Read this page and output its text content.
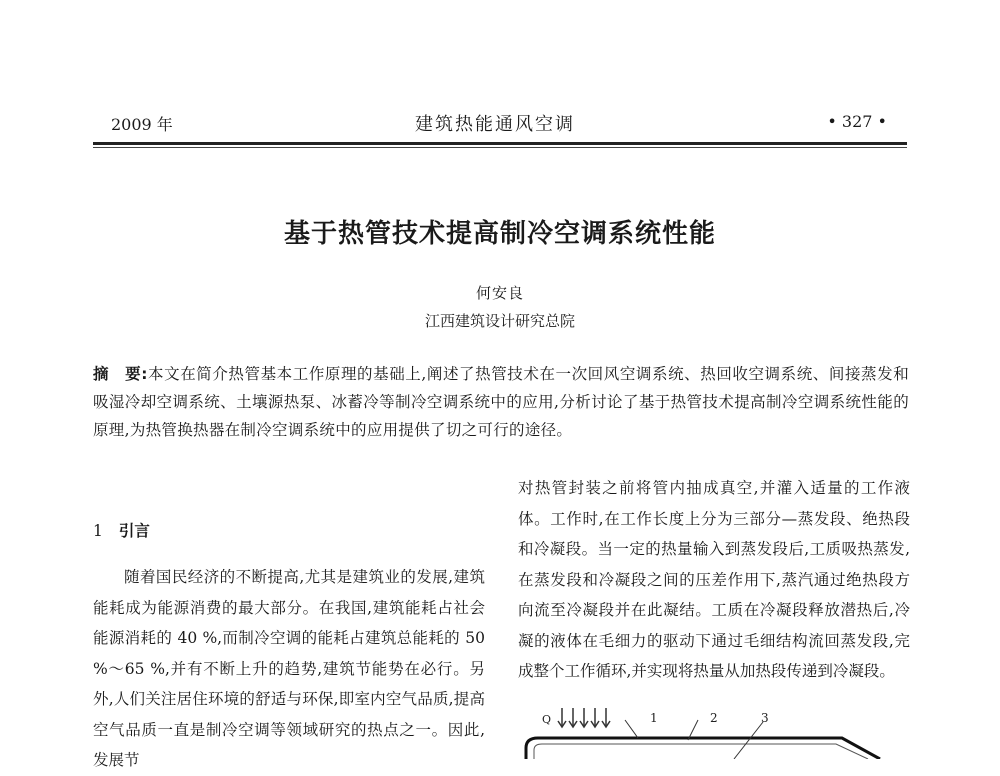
2009 年	建筑热能通风空调	• 327 •
基于热管技术提高制冷空调系统性能
何安良
江西建筑设计研究总院
摘　要:本文在简介热管基本工作原理的基础上,阐述了热管技术在一次回风空调系统、热回收空调系统、间接蒸发和吸湿冷却空调系统、土壤源热泵、冰蓄冷等制冷空调系统中的应用,分析讨论了基于热管技术提高制冷空调系统性能的原理,为热管换热器在制冷空调系统中的应用提供了切之可行的途径。
1 引言

随着国民经济的不断提高,尤其是建筑业的发展,建筑能耗成为能源消费的最大部分。在我国,建筑能耗占社会能源消耗的 40 %,而制冷空调的能耗占建筑总能耗的 50 %～65 %,并有不断上升的趋势,建筑节能势在必行。另外,人们关注居住环境的舒适与环保,即室内空气品质,提高空气品质一直是制冷空调等领域研究的热点之一。因此,发展节

对热管封装之前将管内抽成真空,并灌入适量的工作液体。工作时,在工作长度上分为三部分—蒸发段、绝热段和冷凝段。当一定的热量输入到蒸发段后,工质吸热蒸发,在蒸发段和冷凝段之间的压差作用下,蒸汽通过绝热段方向流至冷凝段并在此凝结。工质在冷凝段释放潜热后,冷凝的液体在毛细力的驱动下通过毛细结构流回蒸发段,完成整个工作循环,并实现将热量从加热段传递到冷凝段。

Q	1	2	3
